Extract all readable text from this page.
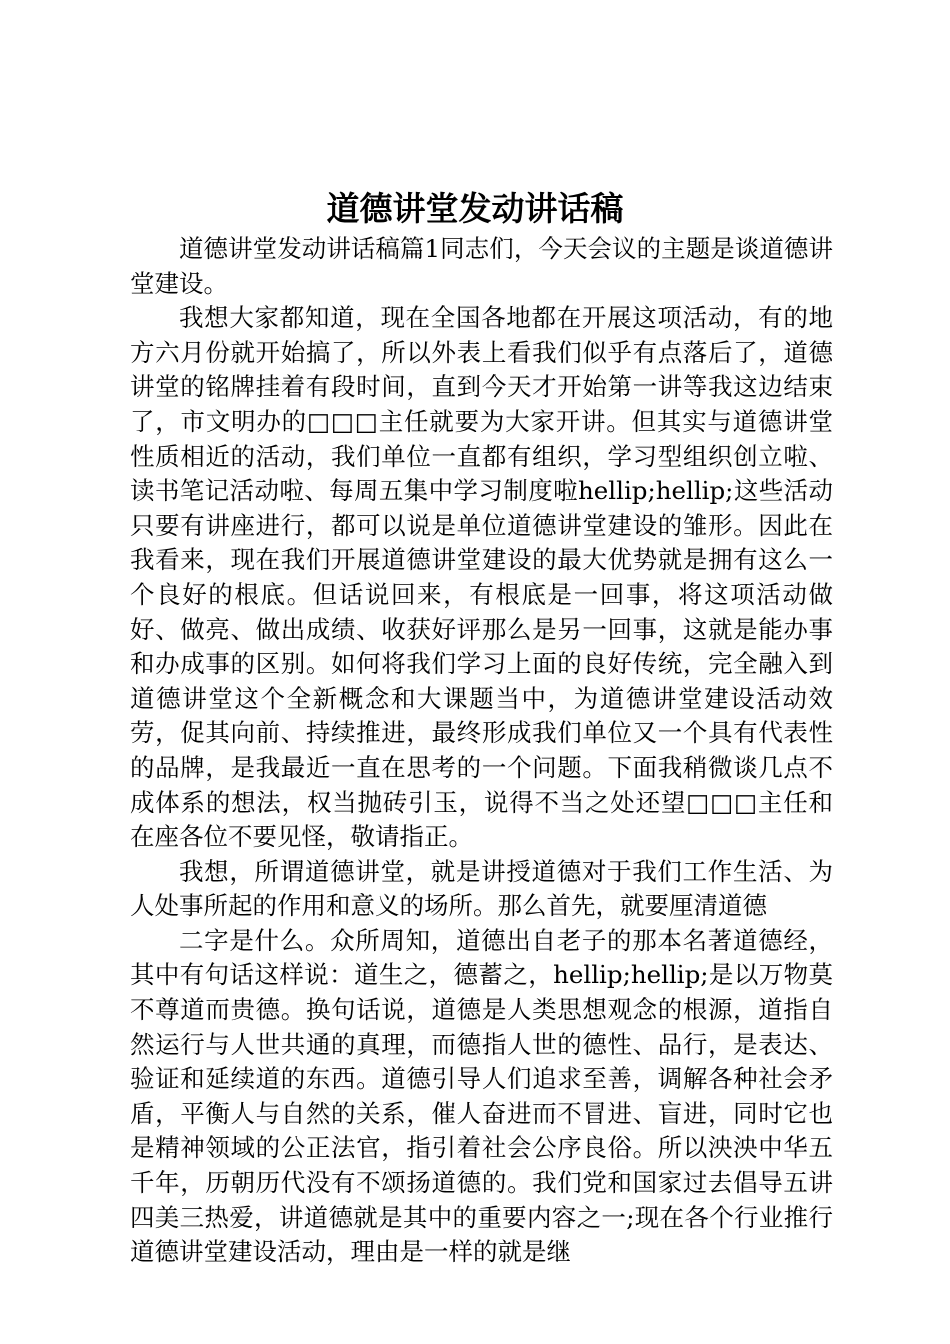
道德讲堂发动讲话稿

道德讲堂发动讲话稿篇1同志们，今天会议的主题是谈道德讲堂建设。

我想大家都知道，现在全国各地都在开展这项活动，有的地方六月份就开始搞了，所以外表上看我们似乎有点落后了，道德讲堂的铭牌挂着有段时间，直到今天才开始第一讲等我这边结束了，市文明办的□□□主任就要为大家开讲。但其实与道德讲堂性质相近的活动，我们单位一直都有组织，学习型组织创立啦、读书笔记活动啦、每周五集中学习制度啦hellip;hellip;这些活动只要有讲座进行，都可以说是单位道德讲堂建设的雏形。因此在我看来，现在我们开展道德讲堂建设的最大优势就是拥有这么一个良好的根底。但话说回来，有根底是一回事，将这项活动做好、做亮、做出成绩、收获好评那么是另一回事，这就是能办事和办成事的区别。如何将我们学习上面的良好传统，完全融入到道德讲堂这个全新概念和大课题当中，为道德讲堂建设活动效劳，促其向前、持续推进，最终形成我们单位又一个具有代表性的品牌，是我最近一直在思考的一个问题。下面我稍微谈几点不成体系的想法，权当抛砖引玉，说得不当之处还望□□□主任和在座各位不要见怪，敬请指正。

我想，所谓道德讲堂，就是讲授道德对于我们工作生活、为人处事所起的作用和意义的场所。那么首先，就要厘清道德

二字是什么。众所周知，道德出自老子的那本名著道德经，其中有句话这样说：道生之，德蓄之，hellip;hellip;是以万物莫不尊道而贵德。换句话说，道德是人类思想观念的根源，道指自然运行与人世共通的真理，而德指人世的德性、品行，是表达、验证和延续道的东西。道德引导人们追求至善，调解各种社会矛盾，平衡人与自然的关系，催人奋进而不冒进、盲进，同时它也是精神领域的公正法官，指引着社会公序良俗。所以泱泱中华五千年，历朝历代没有不颂扬道德的。我们党和国家过去倡导五讲四美三热爱，讲道德就是其中的重要内容之一;现在各个行业推行道德讲堂建设活动，理由是一样的就是继
